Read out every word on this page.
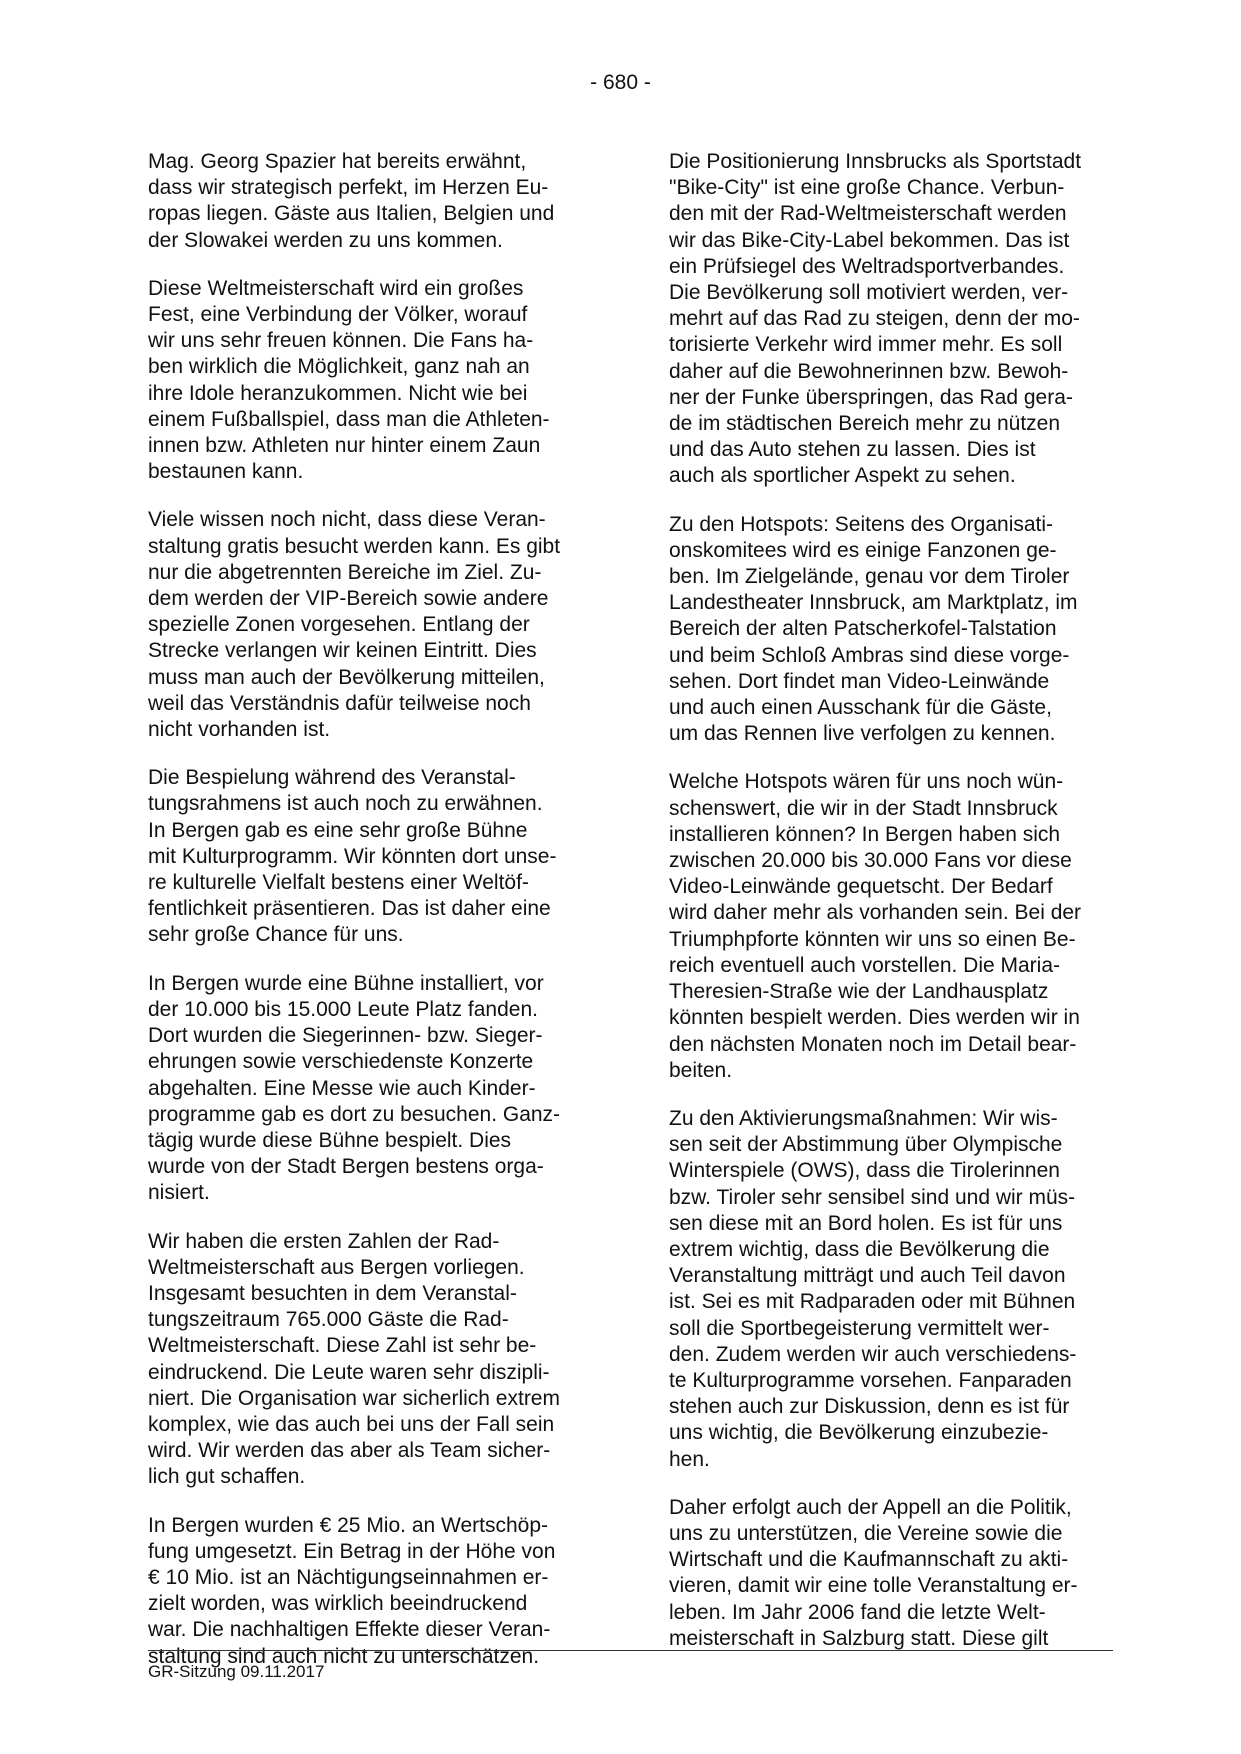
- 680 -

Mag. Georg Spazier hat bereits erwähnt,
dass wir strategisch perfekt, im Herzen Eu-
ropas liegen. Gäste aus Italien, Belgien und
der Slowakei werden zu uns kommen.

Diese Weltmeisterschaft wird ein großes
Fest, eine Verbindung der Völker, worauf
wir uns sehr freuen können. Die Fans ha-
ben wirklich die Möglichkeit, ganz nah an
ihre Idole heranzukommen. Nicht wie bei
einem Fußballspiel, dass man die Athleten-
innen bzw. Athleten nur hinter einem Zaun
bestaunen kann.

Viele wissen noch nicht, dass diese Veran-
staltung gratis besucht werden kann. Es gibt
nur die abgetrennten Bereiche im Ziel. Zu-
dem werden der VIP-Bereich sowie andere
spezielle Zonen vorgesehen. Entlang der
Strecke verlangen wir keinen Eintritt. Dies
muss man auch der Bevölkerung mitteilen,
weil das Verständnis dafür teilweise noch
nicht vorhanden ist.

Die Bespielung während des Veranstal-
tungsrahmens ist auch noch zu erwähnen.
In Bergen gab es eine sehr große Bühne
mit Kulturprogramm. Wir könnten dort unse-
re kulturelle Vielfalt bestens einer Weltöf-
fentlichkeit präsentieren. Das ist daher eine
sehr große Chance für uns.

In Bergen wurde eine Bühne installiert, vor
der 10.000 bis 15.000 Leute Platz fanden.
Dort wurden die Siegerinnen- bzw. Sieger-
ehrungen sowie verschiedenste Konzerte
abgehalten. Eine Messe wie auch Kinder-
programme gab es dort zu besuchen. Ganz-
tägig wurde diese Bühne bespielt. Dies
wurde von der Stadt Bergen bestens orga-
nisiert.

Wir haben die ersten Zahlen der Rad-
Weltmeisterschaft aus Bergen vorliegen.
Insgesamt besuchten in dem Veranstal-
tungszeitraum 765.000 Gäste die Rad-
Weltmeisterschaft. Diese Zahl ist sehr be-
eindruckend. Die Leute waren sehr diszipli-
niert. Die Organisation war sicherlich extrem
komplex, wie das auch bei uns der Fall sein
wird. Wir werden das aber als Team sicher-
lich gut schaffen.

In Bergen wurden € 25 Mio. an Wertschöp-
fung umgesetzt. Ein Betrag in der Höhe von
€ 10 Mio. ist an Nächtigungseinnahmen er-
zielt worden, was wirklich beeindruckend
war. Die nachhaltigen Effekte dieser Veran-
staltung sind auch nicht zu unterschätzen.

Die Positionierung Innsbrucks als Sportstadt
"Bike-City" ist eine große Chance. Verbun-
den mit der Rad-Weltmeisterschaft werden
wir das Bike-City-Label bekommen. Das ist
ein Prüfsiegel des Weltradsportverbandes.
Die Bevölkerung soll motiviert werden, ver-
mehrt auf das Rad zu steigen, denn der mo-
torisierte Verkehr wird immer mehr. Es soll
daher auf die Bewohnerinnen bzw. Bewoh-
ner der Funke überspringen, das Rad gera-
de im städtischen Bereich mehr zu nützen
und das Auto stehen zu lassen. Dies ist
auch als sportlicher Aspekt zu sehen.

Zu den Hotspots: Seitens des Organisati-
onskomitees wird es einige Fanzonen ge-
ben. Im Zielgelände, genau vor dem Tiroler
Landestheater Innsbruck, am Marktplatz, im
Bereich der alten Patscherkofel-Talstation
und beim Schloß Ambras sind diese vorge-
sehen. Dort findet man Video-Leinwände
und auch einen Ausschank für die Gäste,
um das Rennen live verfolgen zu kennen.

Welche Hotspots wären für uns noch wün-
schenswert, die wir in der Stadt Innsbruck
installieren können? In Bergen haben sich
zwischen 20.000 bis 30.000 Fans vor diese
Video-Leinwände gequetscht. Der Bedarf
wird daher mehr als vorhanden sein. Bei der
Triumphpforte könnten wir uns so einen Be-
reich eventuell auch vorstellen. Die Maria-
Theresien-Straße wie der Landhausplatz
könnten bespielt werden. Dies werden wir in
den nächsten Monaten noch im Detail bear-
beiten.

Zu den Aktivierungsmaßnahmen: Wir wis-
sen seit der Abstimmung über Olympische
Winterspiele (OWS), dass die Tirolerinnen
bzw. Tiroler sehr sensibel sind und wir müs-
sen diese mit an Bord holen. Es ist für uns
extrem wichtig, dass die Bevölkerung die
Veranstaltung mitträgt und auch Teil davon
ist. Sei es mit Radparaden oder mit Bühnen
soll die Sportbegeisterung vermittelt wer-
den. Zudem werden wir auch verschiedens-
te Kulturprogramme vorsehen. Fanparaden
stehen auch zur Diskussion, denn es ist für
uns wichtig, die Bevölkerung einzubezie-
hen.

Daher erfolgt auch der Appell an die Politik,
uns zu unterstützen, die Vereine sowie die
Wirtschaft und die Kaufmannschaft zu akti-
vieren, damit wir eine tolle Veranstaltung er-
leben. Im Jahr 2006 fand die letzte Welt-
meisterschaft in Salzburg statt. Diese gilt

GR-Sitzung 09.11.2017
